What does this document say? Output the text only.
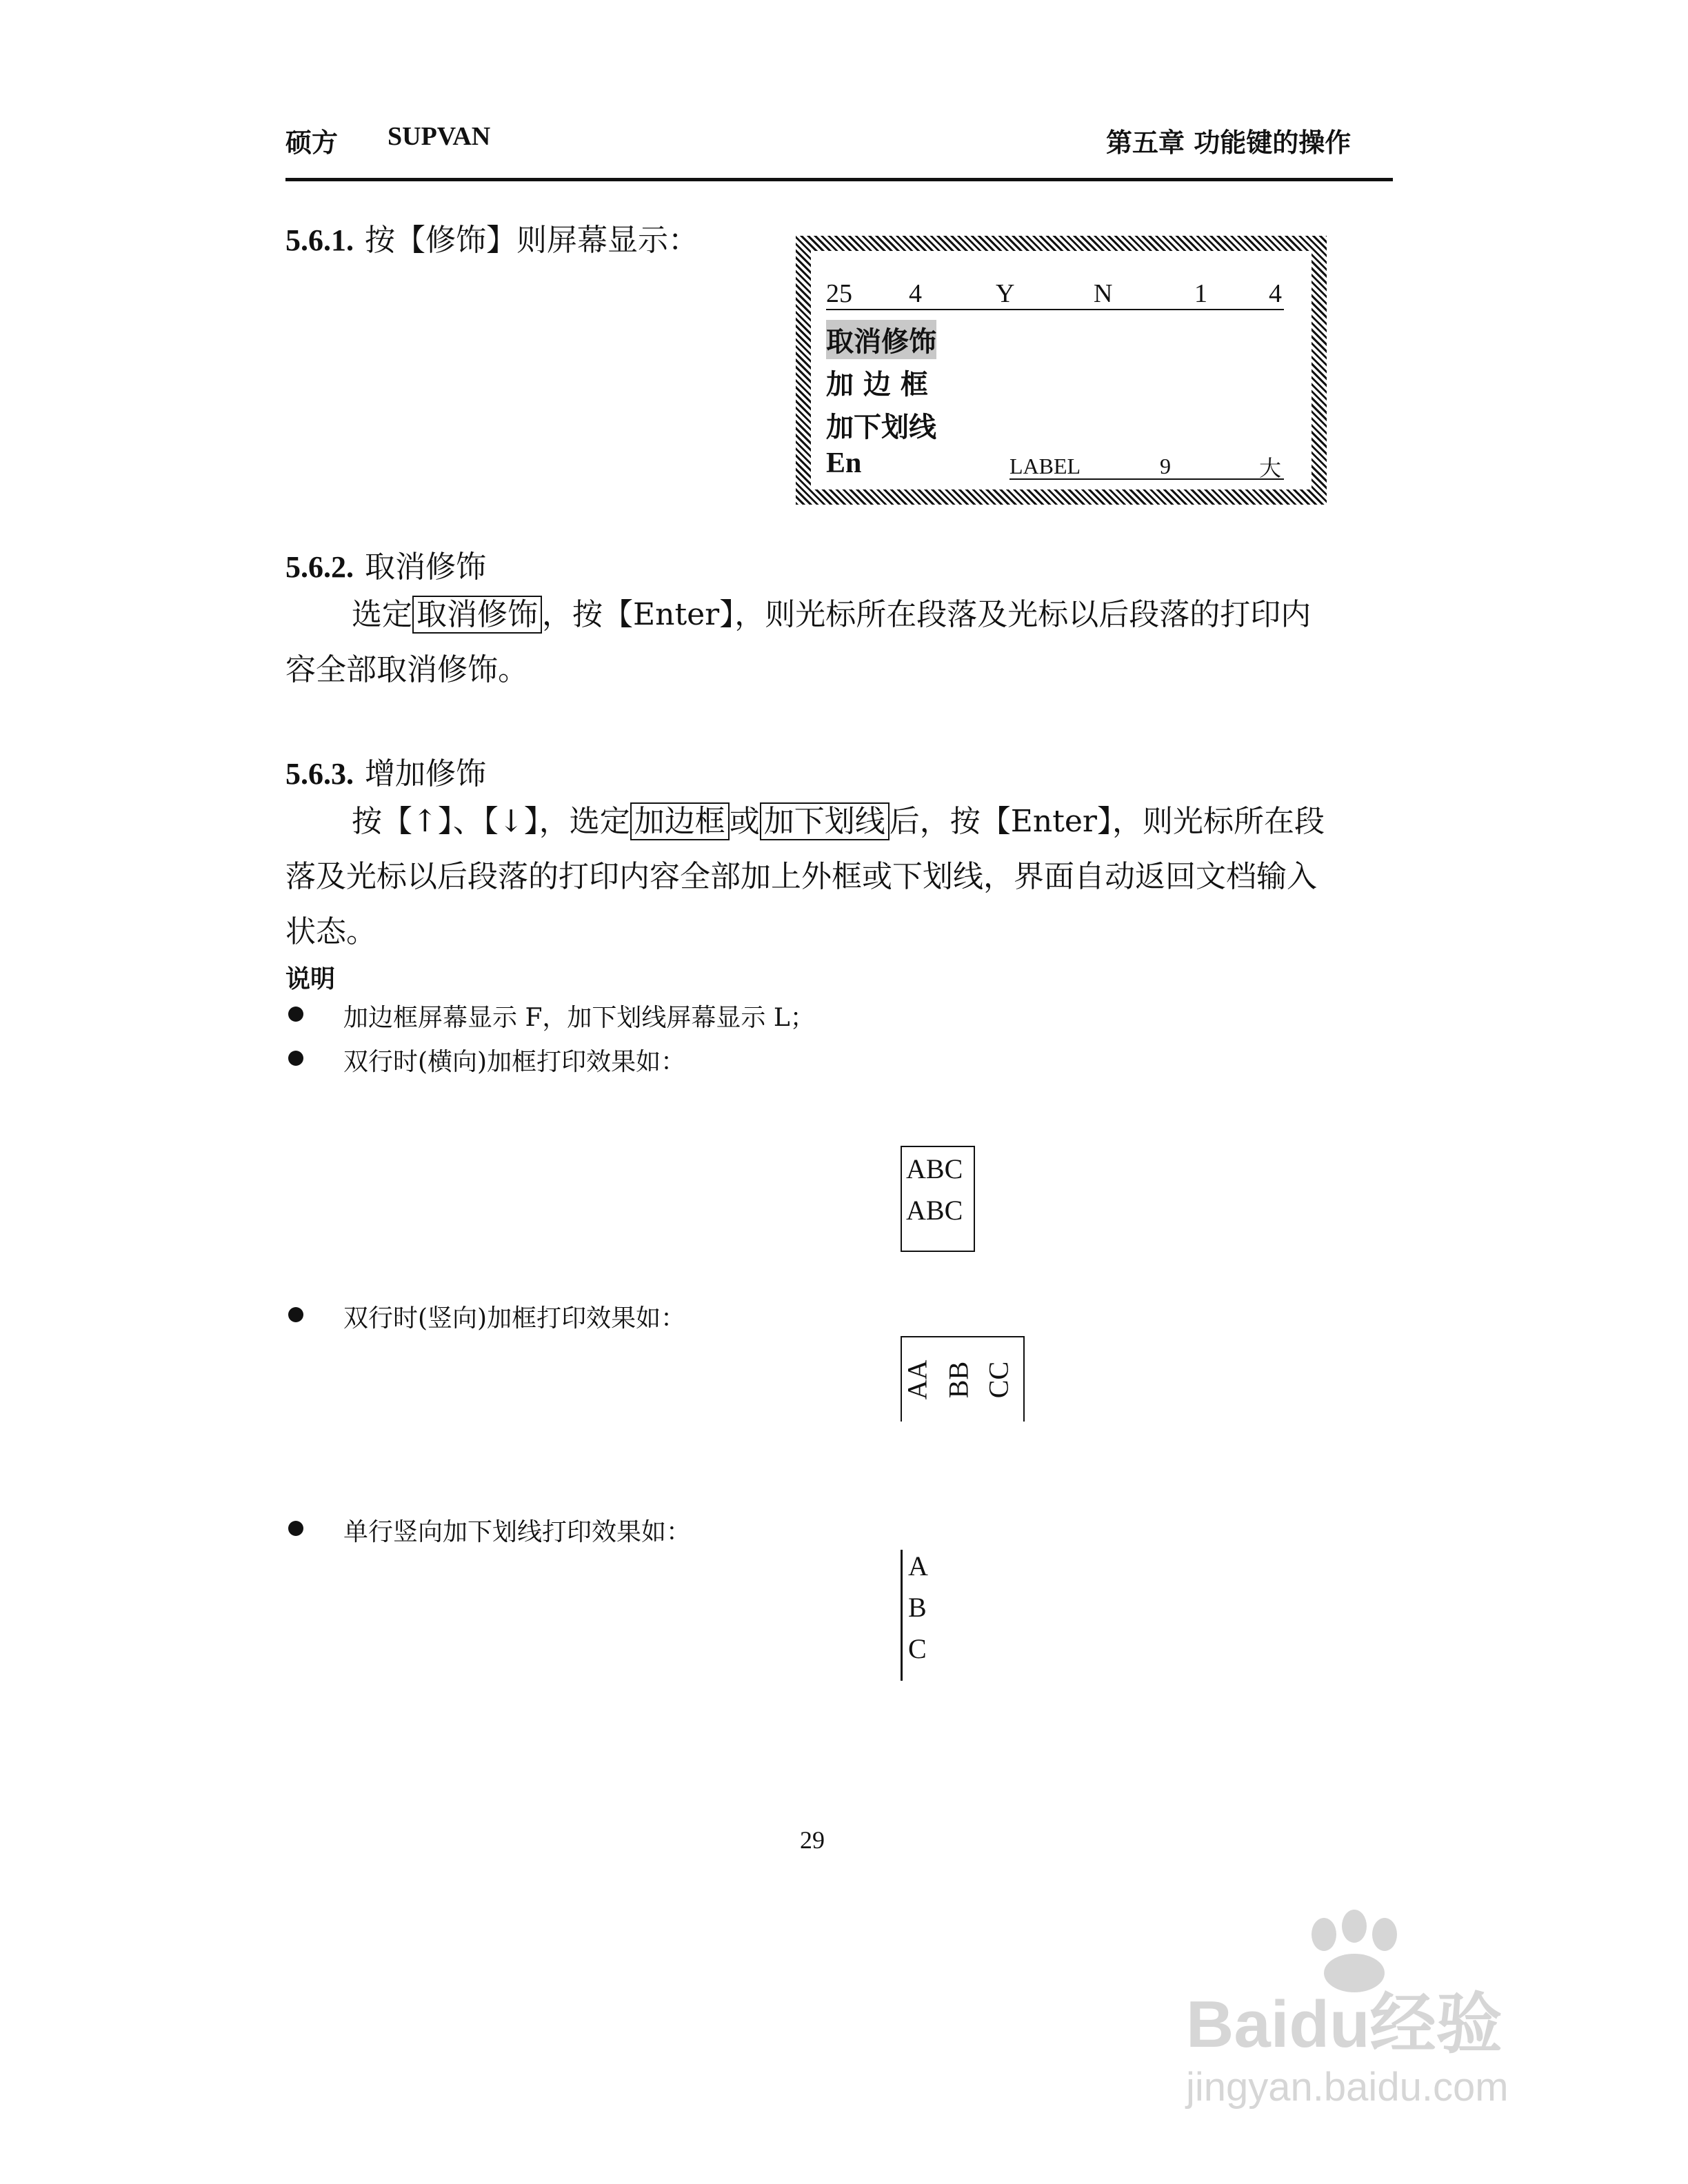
硕方 SUPVAN	第五章 功能键的操作
5.6.1. 按【修饰】则屏幕显示：
25 4	Y	N	1 4
取消修饰
加 边 框
加下划线
En	LABEL	9	大
5.6.2. 取消修饰
选定 取消修饰 ，按【Enter】，则光标所在段落及光标以后段落的打印内
容全部取消修饰。
5.6.3. 增加修饰
按【↑】、【↓】，选定 加边框 或 加下划线 后，按【Enter】，则光标所在段
落及光标以后段落的打印内容全部加上外框或下划线，界面自动返回文档输入
状态。
说明
加边框屏幕显示 F，加下划线屏幕显示 L；
双行时(横向)加框打印效果如：
ABC
ABC
双行时(竖向)加框打印效果如：
AA BB CC
单行竖向加下划线打印效果如：
A
B
C
29
Baidu经验
jingyan.baidu.com
